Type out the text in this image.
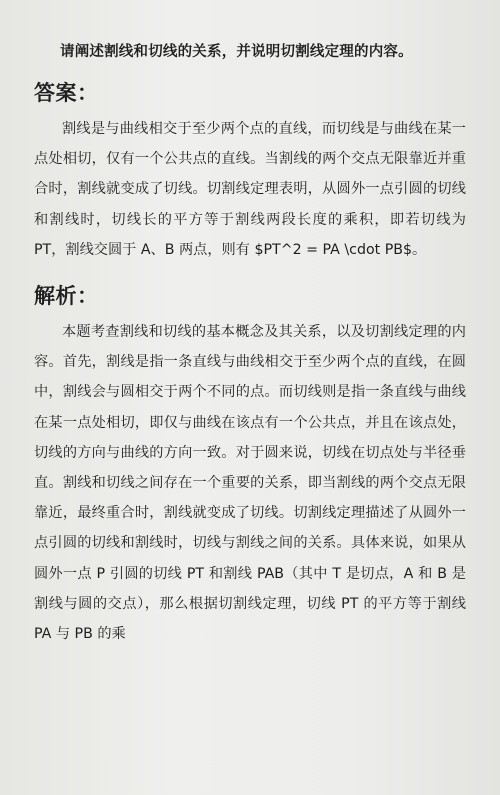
请阐述割线和切线的关系，并说明切割线定理的内容。
答案：

割线是与曲线相交于至少两个点的直线，而切线是与曲线在某一点处相切，仅有一个公共点的直线。当割线的两个交点无限靠近并重合时，割线就变成了切线。切割线定理表明，从圆外一点引圆的切线和割线时，切线长的平方等于割线两段长度的乘积，即若切线为 PT，割线交圆于 A、B 两点，则有 $PT^2 = PA \cdot PB$。

解析：

本题考查割线和切线的基本概念及其关系，以及切割线定理的内容。首先，割线是指一条直线与曲线相交于至少两个点的直线，在圆中，割线会与圆相交于两个不同的点。而切线则是指一条直线与曲线在某一点处相切，即仅与曲线在该点有一个公共点，并且在该点处，切线的方向与曲线的方向一致。对于圆来说，切线在切点处与半径垂直。割线和切线之间存在一个重要的关系，即当割线的两个交点无限靠近，最终重合时，割线就变成了切线。切割线定理描述了从圆外一点引圆的切线和割线时，切线与割线之间的关系。具体来说，如果从圆外一点 P 引圆的切线 PT 和割线 PAB（其中 T 是切点，A 和 B 是割线与圆的交点），那么根据切割线定理，切线 PT 的平方等于割线 PA 与 PB 的乘
